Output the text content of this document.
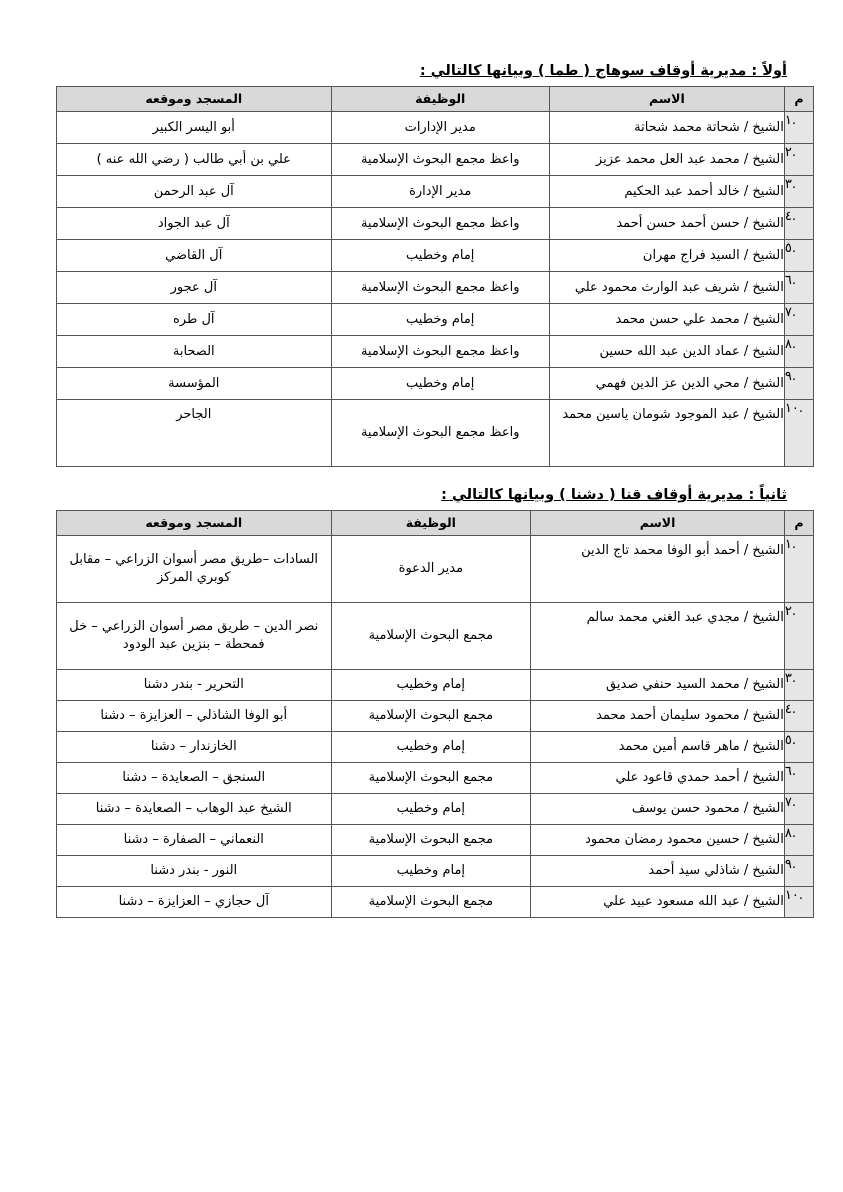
أولاً : مديرية أوقاف سوهاج ( طما ) وبيانها كالتالي :
م	الاسم	الوظيفة	المسجد وموقعه
١.	الشيخ / شحاتة محمد شحاتة	مدير الإدارات	أبو اليسر الكبير
٢.	الشيخ / محمد عبد العل محمد عزيز	واعظ مجمع البحوث الإسلامية	علي بن أبي طالب ( رضي الله عنه )
٣.	الشيخ / خالد أحمد عبد الحكيم	مدير الإدارة	آل عبد الرحمن
٤.	الشيخ / حسن أحمد حسن أحمد	واعظ مجمع البحوث الإسلامية	آل عبد الجواد
٥.	الشيخ / السيد فراج مهران	إمام وخطيب	آل القاضي
٦.	الشيخ / شريف عبد الوارث محمود علي	واعظ مجمع البحوث الإسلامية	آل عجور
٧.	الشيخ / محمد علي حسن محمد	إمام وخطيب	آل طره
٨.	الشيخ / عماد الدين عبد الله حسين	واعظ مجمع البحوث الإسلامية	الصحابة
٩.	الشيخ / محي الدين عز الدين فهمي	إمام وخطيب	المؤسسة
١٠.	الشيخ / عبد الموجود شومان ياسين محمد	واعظ مجمع البحوث الإسلامية	الجاحر
ثانياً : مديرية أوقاف قنا ( دشنا ) وبيانها كالتالي :
م	الاسم	الوظيفة	المسجد وموقعه
١.	الشيخ / أحمد أبو الوفا محمد تاج الدين	مدير الدعوة	السادات –طريق مصر أسوان الزراعي – مقابل كوبري المركز
٢.	الشيخ / مجدي عبد الغني محمد سالم	مجمع البحوث الإسلامية	نصر الدين – طريق مصر أسوان الزراعي – خل فمحطة – بنزين عبد الودود
٣.	الشيخ / محمد السيد حنفي صديق	إمام وخطيب	التحرير - بندر دشنا
٤.	الشيخ / محمود سليمان أحمد محمد	مجمع البحوث الإسلامية	أبو الوفا الشاذلي – العزايزة – دشنا
٥.	الشيخ / ماهر قاسم أمين محمد	إمام وخطيب	الخازندار – دشنا
٦.	الشيخ / أحمد حمدي قاعود علي	مجمع البحوث الإسلامية	السنجق – الصعايدة – دشنا
٧.	الشيخ / محمود حسن يوسف	إمام وخطيب	الشيخ عبد الوهاب – الصعايدة – دشنا
٨.	الشيخ / حسين محمود رمضان محمود	مجمع البحوث الإسلامية	النعماني – الصفارة – دشنا
٩.	الشيخ / شاذلي سيد أحمد	إمام وخطيب	النور - بندر دشنا
١٠.	الشيخ / عبد الله مسعود عبيد علي	مجمع البحوث الإسلامية	آل حجازي – العزايزة – دشنا
